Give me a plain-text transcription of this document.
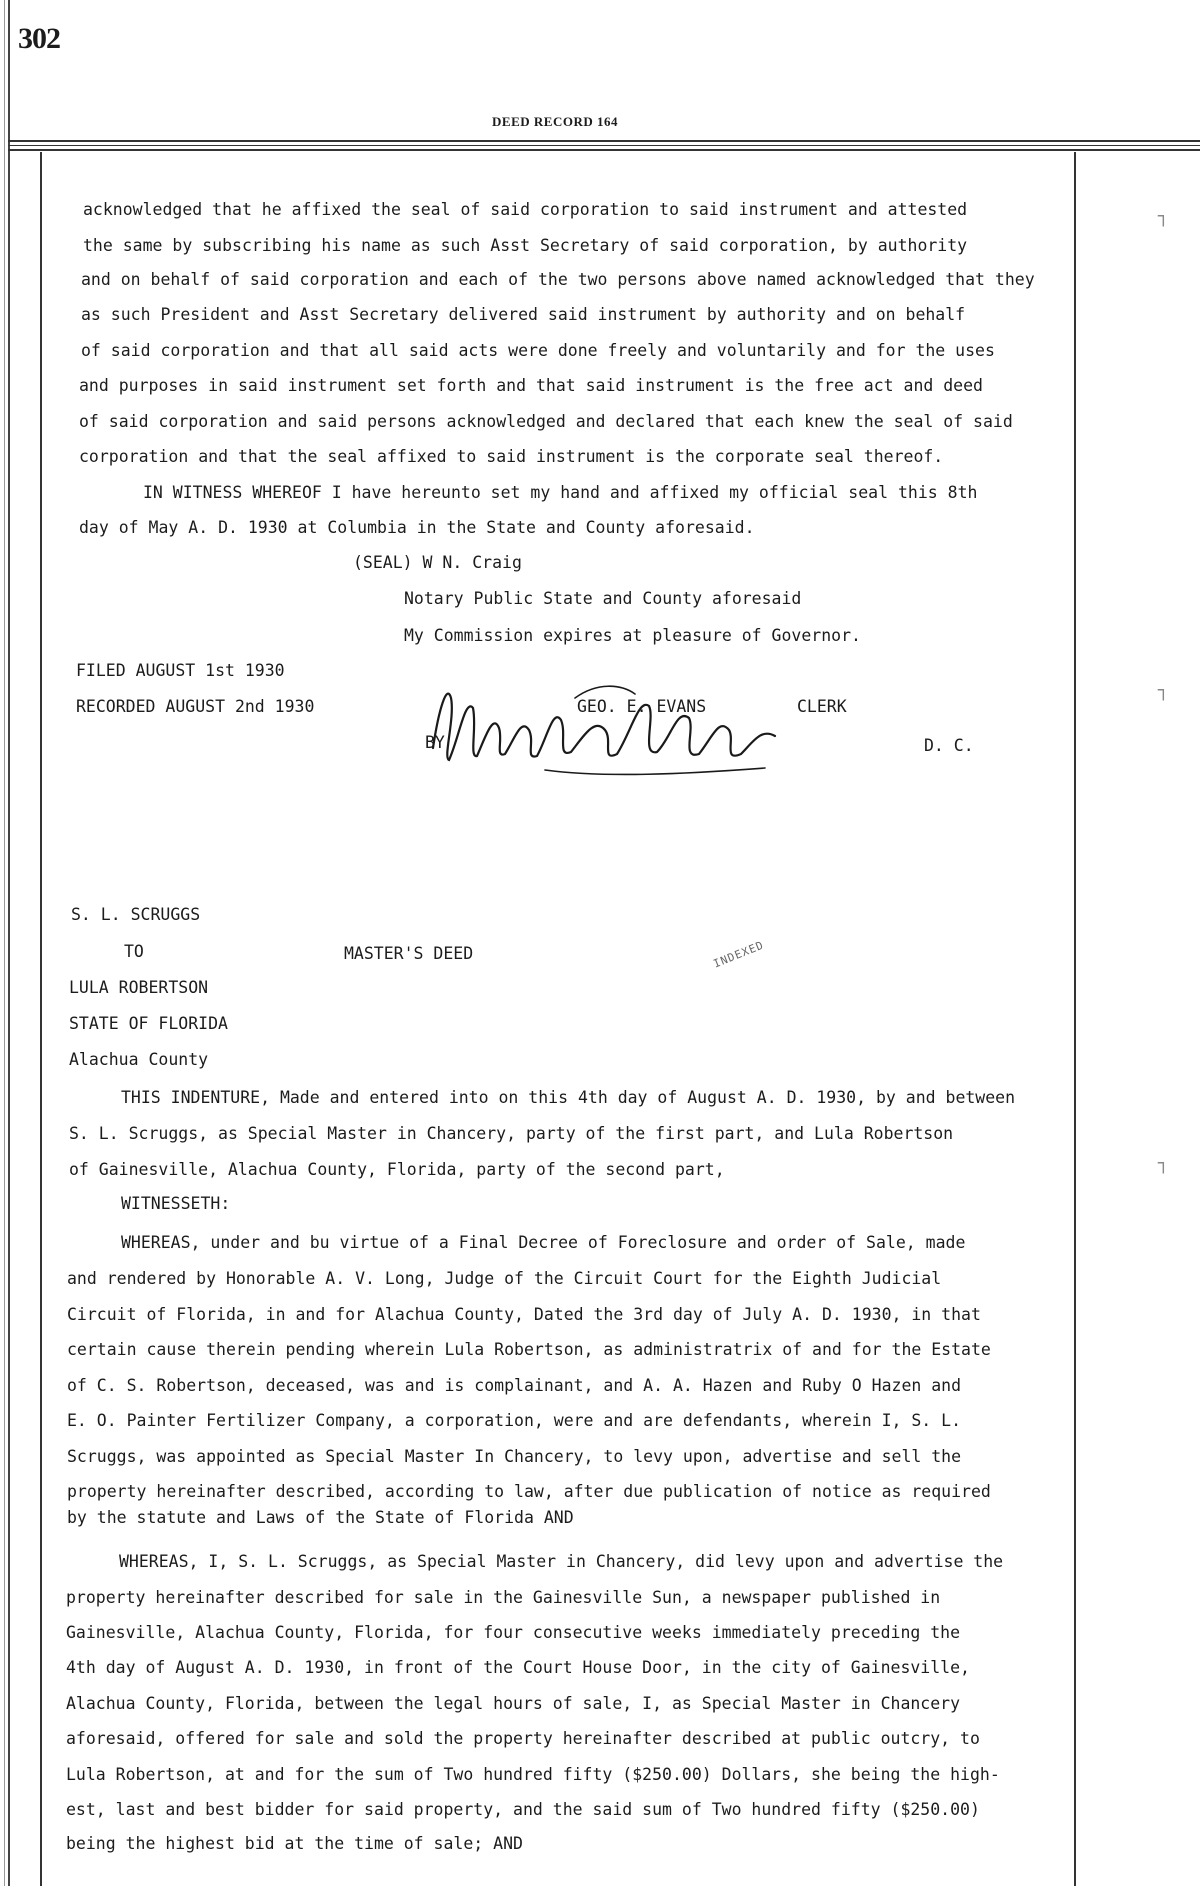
302
DEED RECORD 164
┐
┐
┐
acknowledged that he affixed the seal of said corporation to said instrument and attested
the same by subscribing his name as such Asst Secretary of said corporation, by authority
and on behalf of said corporation and each of the two persons above named acknowledged that they
as such President and Asst Secretary delivered said instrument by authority and on behalf
of said corporation and that all said acts were done freely and voluntarily and for the uses
and purposes in said instrument set forth and that said instrument is the free act and deed
of said corporation and said persons acknowledged and declared that each knew the seal of said
corporation and that the seal affixed to said instrument is the corporate seal thereof.
IN WITNESS WHEREOF I have hereunto set my hand and affixed my official seal this 8th
day of May A. D. 1930 at Columbia in the State and County aforesaid.
(SEAL) W N. Craig
Notary Public State and County aforesaid
My Commission expires at pleasure of Governor.
FILED AUGUST 1st 1930
RECORDED AUGUST 2nd 1930	GEO. E. EVANS	CLERK
BY	D. C.
S. L. SCRUGGS
TO	MASTER'S DEED	INDEXED
LULA ROBERTSON
STATE OF FLORIDA
Alachua County
THIS INDENTURE, Made and entered into on this 4th day of August A. D. 1930, by and between
S. L. Scruggs, as Special Master in Chancery, party of the first part, and Lula Robertson
of Gainesville, Alachua County, Florida, party of the second part,
WITNESSETH:
WHEREAS, under and bu virtue of a Final Decree of Foreclosure and order of Sale, made
and rendered by Honorable A. V. Long, Judge of the Circuit Court for the Eighth Judicial
Circuit of Florida, in and for Alachua County, Dated the 3rd day of July A. D. 1930, in that
certain cause therein pending wherein Lula Robertson, as administratrix of and for the Estate
of C. S. Robertson, deceased, was and is complainant, and A. A. Hazen and Ruby O Hazen and
E. O. Painter Fertilizer Company, a corporation, were and are defendants, wherein I, S. L.
Scruggs, was appointed as Special Master In Chancery, to levy upon, advertise and sell the
property hereinafter described, according to law, after due publication of notice as required
by the statute and Laws of the State of Florida AND
WHEREAS, I, S. L. Scruggs, as Special Master in Chancery, did levy upon and advertise the
property hereinafter described for sale in the Gainesville Sun, a newspaper published in
Gainesville, Alachua County, Florida, for four consecutive weeks immediately preceding the
4th day of August A. D. 1930, in front of the Court House Door, in the city of Gainesville,
Alachua County, Florida, between the legal hours of sale, I, as Special Master in Chancery
aforesaid, offered for sale and sold the property hereinafter described at public outcry, to
Lula Robertson, at and for the sum of Two hundred fifty ($250.00) Dollars, she being the high-
est, last and best bidder for said property, and the said sum of Two hundred fifty ($250.00)
being the highest bid at the time of sale; AND
